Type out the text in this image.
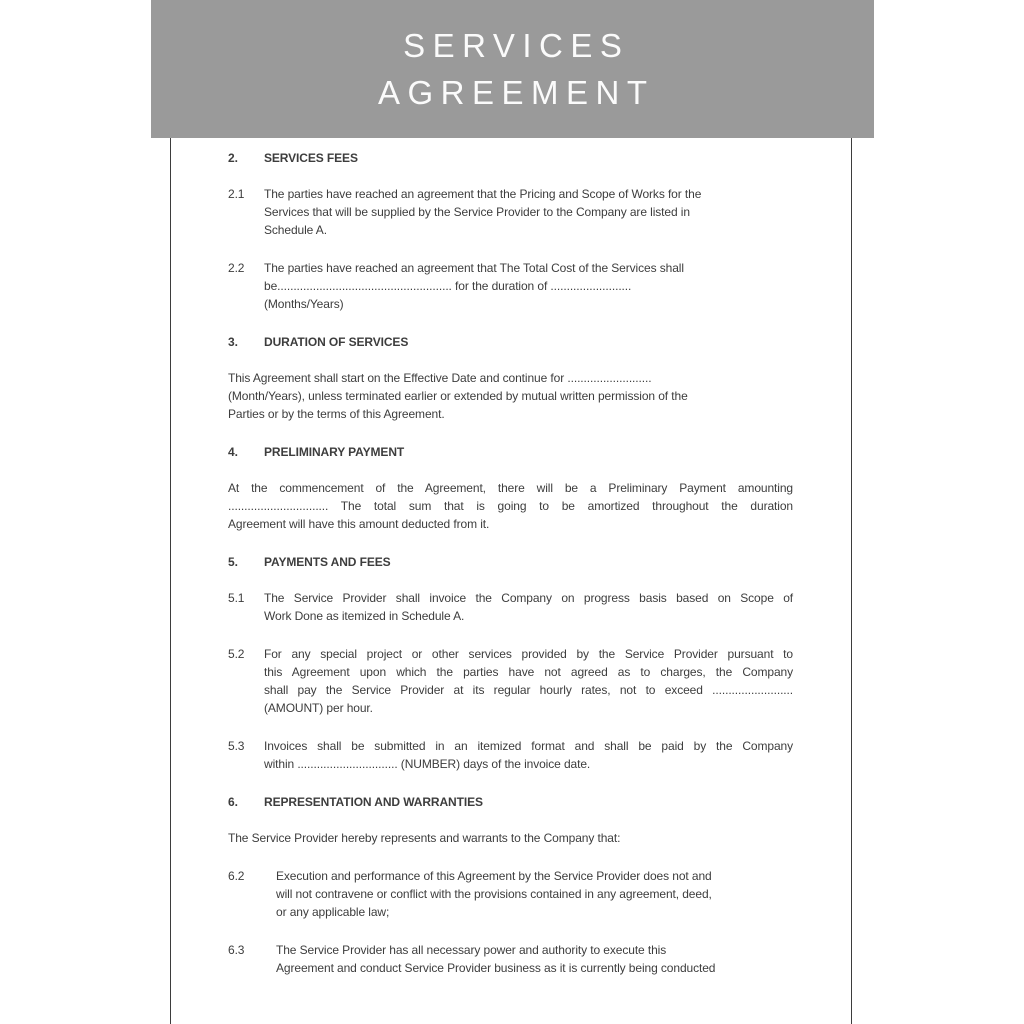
SERVICES
AGREEMENT
2.	SERVICES FEES
2.1	The parties have reached an agreement that the Pricing and Scope of Works for the
Services that will be supplied by the Service Provider to the Company are listed in
Schedule A.
2.2	The parties have reached an agreement that The Total Cost of the Services shall
be...................................................... for the duration of .........................
(Months/Years)
3.	DURATION OF SERVICES
This Agreement shall start on the Effective Date and continue for ..........................
(Month/Years), unless terminated earlier or extended by mutual written permission of the
Parties or by the terms of this Agreement.
4.	PRELIMINARY PAYMENT
At the commencement of the Agreement, there will be a Preliminary Payment amounting
............................... The total sum that is going to be amortized throughout the duration
Agreement will have this amount deducted from it.
5.	PAYMENTS AND FEES
5.1	The Service Provider shall invoice the Company on progress basis based on Scope of
Work Done as itemized in Schedule A.
5.2	For any special project or other services provided by the Service Provider pursuant to
this Agreement upon which the parties have not agreed as to charges, the Company
shall pay the Service Provider at its regular hourly rates, not to exceed .........................
(AMOUNT) per hour.
5.3	Invoices shall be submitted in an itemized format and shall be paid by the Company
within ............................... (NUMBER) days of the invoice date.
6.	REPRESENTATION AND WARRANTIES
The Service Provider hereby represents and warrants to the Company that:
6.2	Execution and performance of this Agreement by the Service Provider does not and
will not contravene or conflict with the provisions contained in any agreement, deed,
or any applicable law;
6.3	The Service Provider has all necessary power and authority to execute this
Agreement and conduct Service Provider business as it is currently being conducted
